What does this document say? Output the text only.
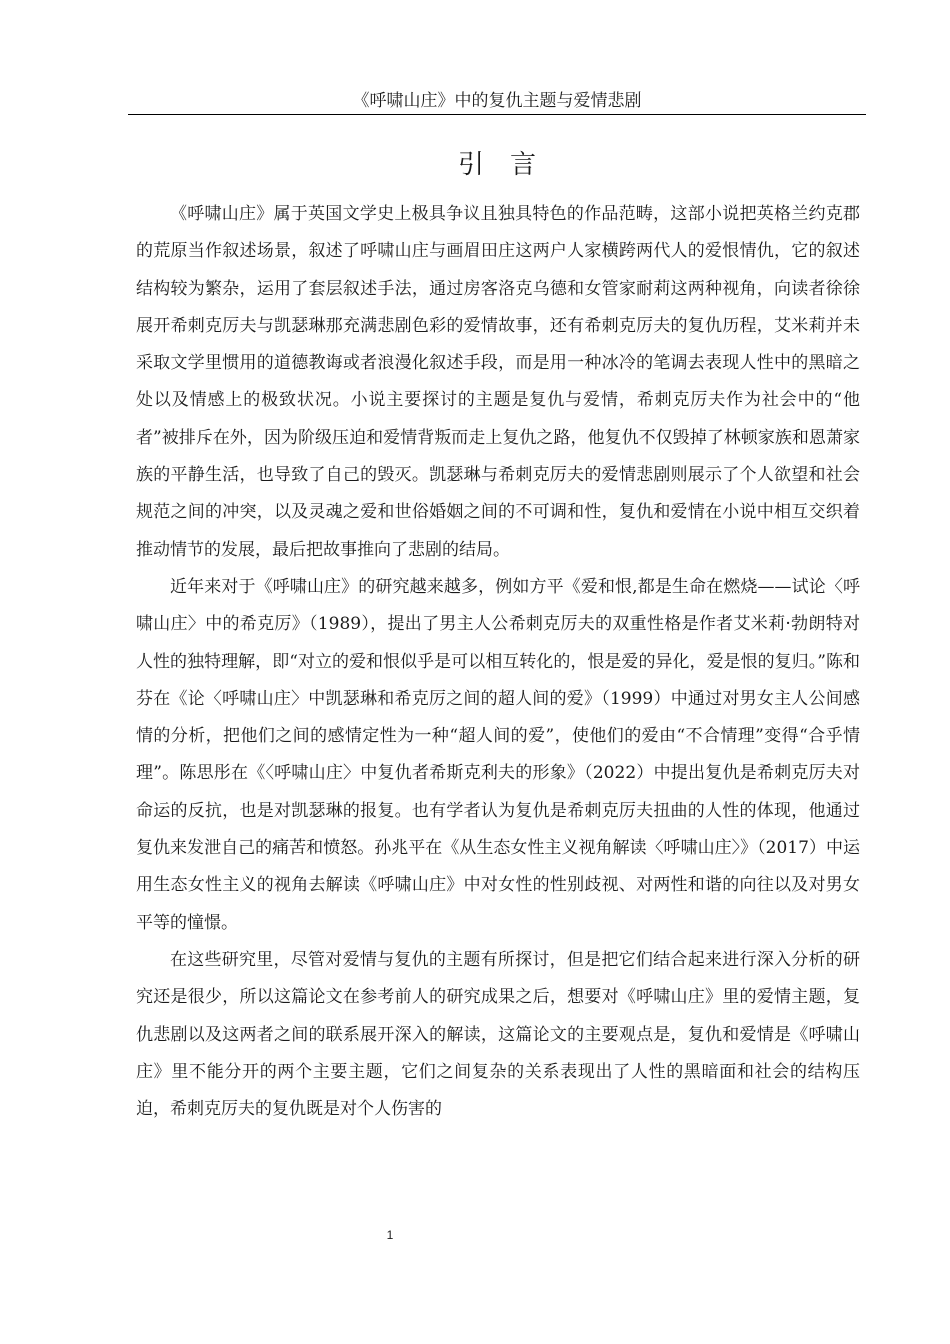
《呼啸山庄》中的复仇主题与爱情悲剧
引言

《呼啸山庄》属于英国文学史上极具争议且独具特色的作品范畴，这部小说把英格兰约克郡的荒原当作叙述场景，叙述了呼啸山庄与画眉田庄这两户人家横跨两代人的爱恨情仇，它的叙述结构较为繁杂，运用了套层叙述手法，通过房客洛克乌德和女管家耐莉这两种视角，向读者徐徐展开希刺克厉夫与凯瑟琳那充满悲剧色彩的爱情故事，还有希刺克厉夫的复仇历程，艾米莉并未采取文学里惯用的道德教诲或者浪漫化叙述手段，而是用一种冰冷的笔调去表现人性中的黑暗之处以及情感上的极致状况。小说主要探讨的主题是复仇与爱情，希刺克厉夫作为社会中的“他者”被排斥在外，因为阶级压迫和爱情背叛而走上复仇之路，他复仇不仅毁掉了林顿家族和恩萧家族的平静生活，也导致了自己的毁灭。凯瑟琳与希刺克厉夫的爱情悲剧则展示了个人欲望和社会规范之间的冲突，以及灵魂之爱和世俗婚姻之间的不可调和性，复仇和爱情在小说中相互交织着推动情节的发展，最后把故事推向了悲剧的结局。

近年来对于《呼啸山庄》的研究越来越多，例如方平《爱和恨,都是生命在燃烧——试论〈呼啸山庄〉中的希克厉》（1989），提出了男主人公希刺克厉夫的双重性格是作者艾米莉·勃朗特对人性的独特理解，即“对立的爱和恨似乎是可以相互转化的，恨是爱的异化，爱是恨的复归。”陈和芬在《论〈呼啸山庄〉中凯瑟琳和希克厉之间的超人间的爱》（1999）中通过对男女主人公间感情的分析，把他们之间的感情定性为一种“超人间的爱”，使他们的爱由“不合情理”变得“合乎情理”。陈思彤在《〈呼啸山庄〉中复仇者希斯克利夫的形象》（2022）中提出复仇是希刺克厉夫对命运的反抗，也是对凯瑟琳的报复。也有学者认为复仇是希刺克厉夫扭曲的人性的体现，他通过复仇来发泄自己的痛苦和愤怒。孙兆平在《从生态女性主义视角解读〈呼啸山庄〉》（2017）中运用生态女性主义的视角去解读《呼啸山庄》中对女性的性别歧视、对两性和谐的向往以及对男女平等的憧憬。

在这些研究里，尽管对爱情与复仇的主题有所探讨，但是把它们结合起来进行深入分析的研究还是很少，所以这篇论文在参考前人的研究成果之后，想要对《呼啸山庄》里的爱情主题，复仇悲剧以及这两者之间的联系展开深入的解读，这篇论文的主要观点是，复仇和爱情是《呼啸山庄》里不能分开的两个主要主题，它们之间复杂的关系表现出了人性的黑暗面和社会的结构压迫，希刺克厉夫的复仇既是对个人伤害的

1
